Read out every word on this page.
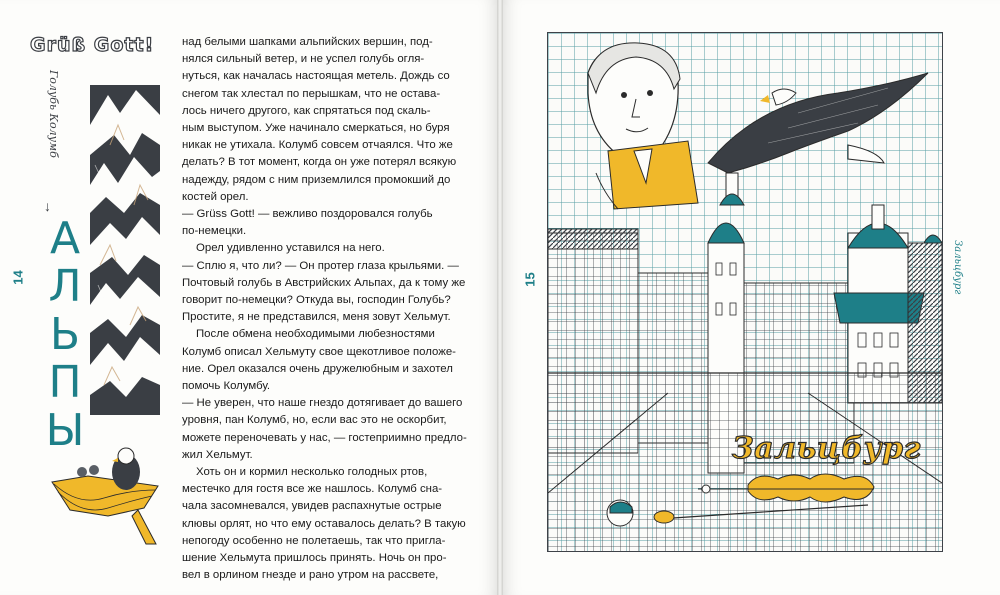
Grüß Gott!
Голубь Колумб
↓
А
Л
Ь
П
Ы
14

над белыми шапками альпийских вершин, под-
нялся сильный ветер, и не успел голубь огля-
нуться, как началась настоящая метель. Дождь со
снегом так хлестал по перышкам, что не остава-
лось ничего другого, как спрятаться под скаль-
ным выступом. Уже начинало смеркаться, но буря
никак не утихала. Колумб совсем отчаялся. Что же
делать? В тот момент, когда он уже потерял всякую
надежду, рядом с ним приземлился промокший до
костей орел.

— Grüss Gott! — вежливо поздоровался голубь
по-немецки.

Орел удивленно уставился на него.

— Сплю я, что ли? — Он протер глаза крыльями. —
Почтовый голубь в Австрийских Альпах, да к тому же
говорит по-немецки? Откуда вы, господин Голубь?
Простите, я не представился, меня зовут Хельмут.

После обмена необходимыми любезностями
Колумб описал Хельмуту свое щекотливое положе-
ние. Орел оказался очень дружелюбным и захотел
помочь Колумбу.

— Не уверен, что наше гнездо дотягивает до вашего
уровня, пан Колумб, но, если вас это не оскорбит,
можете переночевать у нас, — гостеприимно предло-
жил Хельмут.

Хоть он и кормил несколько голодных ртов,
местечко для гостя все же нашлось. Колумб сна-
чала засомневался, увидев распахнутые острые
клювы орлят, но что ему оставалось делать? В такую
непогоду особенно не полетаешь, так что пригла-
шение Хельмута пришлось принять. Ночь он про-
вел в орлином гнезде и рано утром на рассвете,

15
Зальцбург
Зальцбург
